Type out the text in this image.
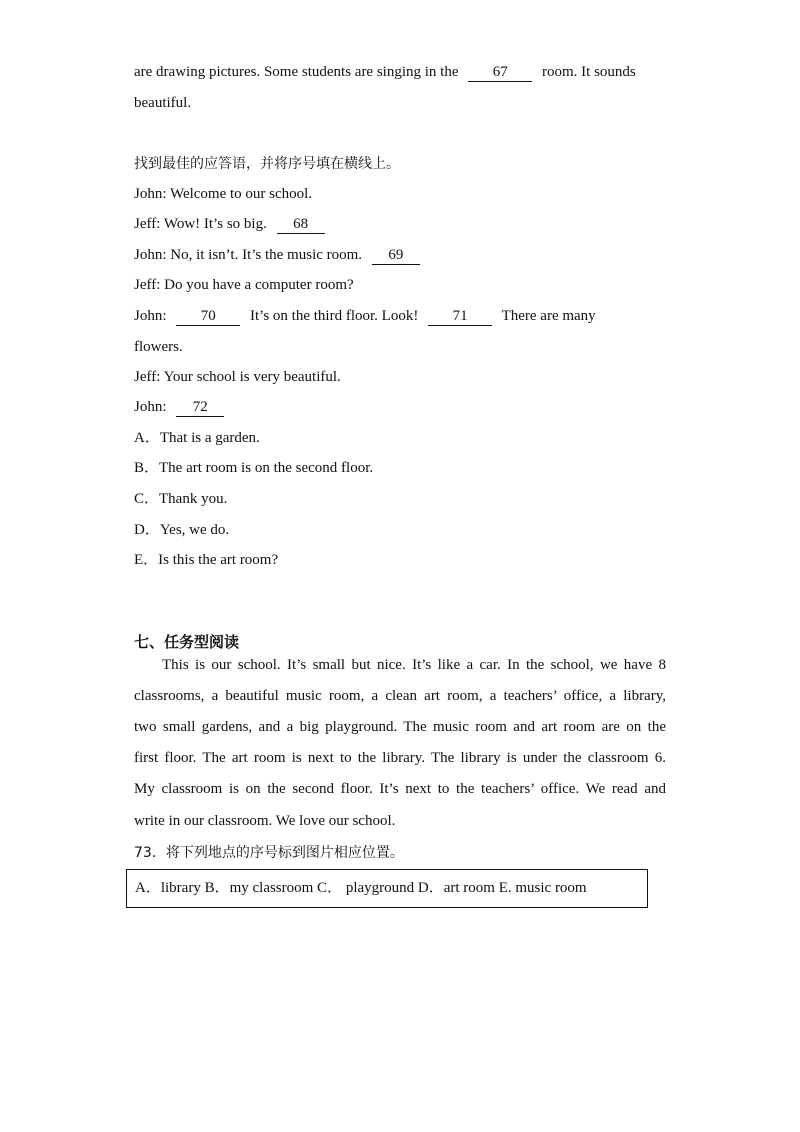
are drawing pictures. Some students are singing in the 67 room. It sounds
beautiful.
找到最佳的应答语，并将序号填在横线上。
John: Welcome to our school.
Jeff: Wow! It’s so big. 68
John: No, it isn’t. It’s the music room. 69
Jeff: Do you have a computer room?
John: 70 It’s on the third floor. Look! 71 There are many
flowers.
Jeff: Your school is very beautiful.
John: 72
A．That is a garden.
B．The art room is on the second floor.
C．Thank you.
D．Yes, we do.
E．Is this the art room?
七、任务型阅读
This is our school. It’s small but nice. It’s like a car. In the school, we have 8
classrooms, a beautiful music room, a clean art room, a teachers’ office, a library,
two small gardens, and a big playground. The music room and art room are on the
first floor. The art room is next to the library. The library is under the classroom 6.
My classroom is on the second floor. It’s next to the teachers’ office. We read and
write in our classroom. We love our school.
73．将下列地点的序号标到图片相应位置。
A．library B．my classroom C． playground D．art room E. music room
